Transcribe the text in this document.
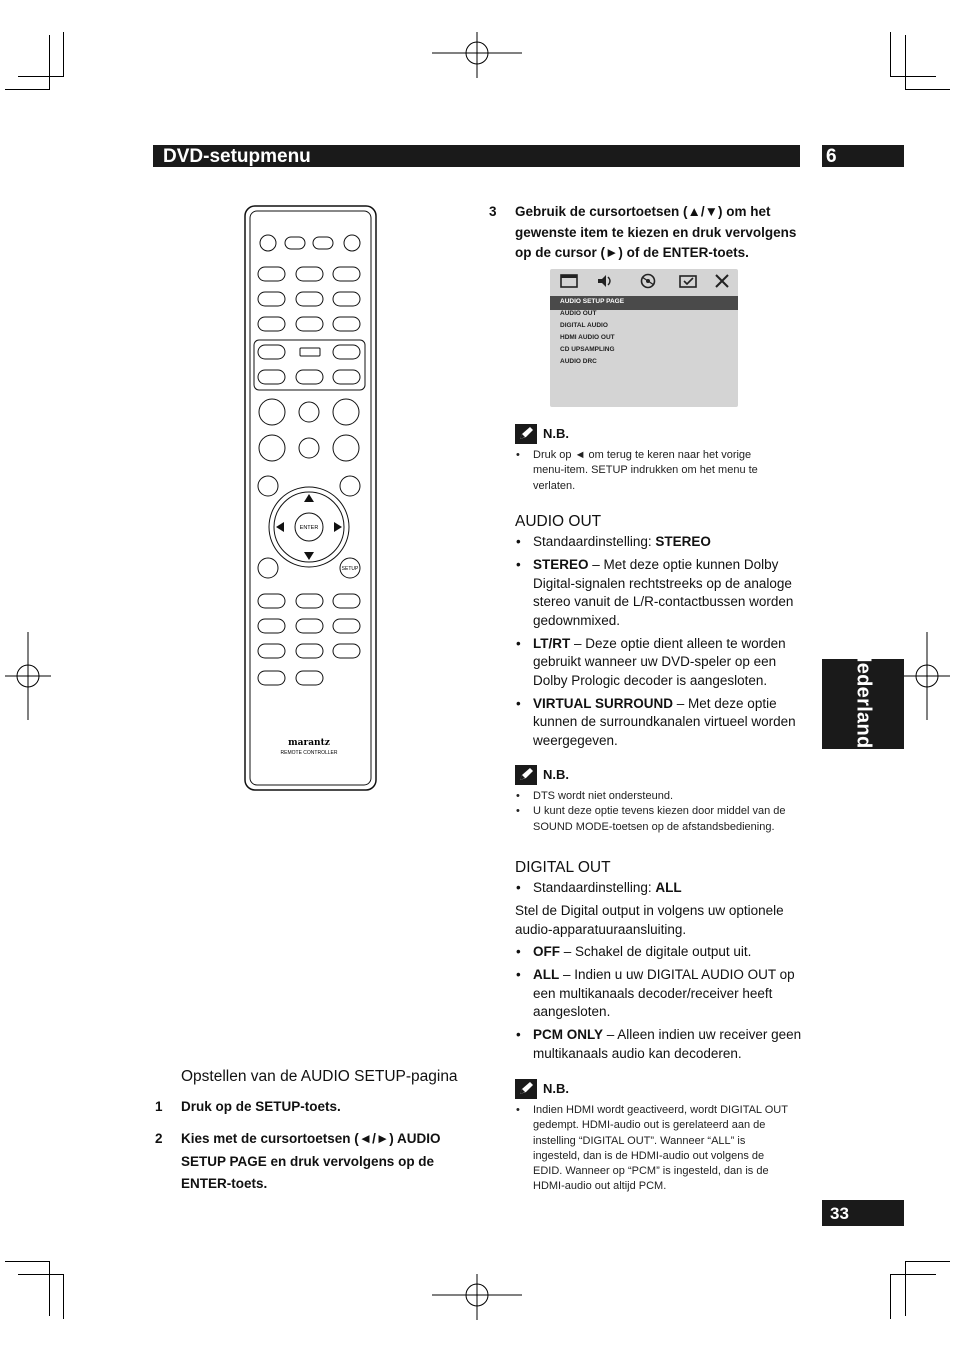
DVD-setupmenu	6
Nederlands
33
ENTER
SETUP
marantz
REMOTE CONTROLLER
Opstellen van de AUDIO SETUP-pagina
1 Druk op de SETUP-toets.
2 Kies met de cursortoetsen (◄/►) AUDIO SETUP PAGE en druk vervolgens op de ENTER-toets.
3 Gebruik de cursortoetsen (▲/▼) om het gewenste item te kiezen en druk vervolgens op de cursor (►) of de ENTER-toets.
AUDIO SETUP PAGE
AUDIO OUT
DIGITAL AUDIO
HDMI AUDIO OUT
CD UPSAMPLING
AUDIO DRC
N.B.
• Druk op ◄ om terug te keren naar het vorige menu-item. SETUP indrukken om het menu te verlaten.
AUDIO OUT
• Standaardinstelling: STEREO
• STEREO – Met deze optie kunnen Dolby Digital-signalen rechtstreeks op de analoge stereo vanuit de L/R-contactbussen worden gedownmixed.
• LT/RT – Deze optie dient alleen te worden gebruikt wanneer uw DVD-speler op een Dolby Prologic decoder is aangesloten.
• VIRTUAL SURROUND – Met deze optie kunnen de surroundkanalen virtueel worden weergegeven.
N.B.
• DTS wordt niet ondersteund.
• U kunt deze optie tevens kiezen door middel van de SOUND MODE-toetsen op de afstandsbediening.
DIGITAL OUT
• Standaardinstelling: ALL
Stel de Digital output in volgens uw optionele audio-apparatuuraansluiting.
• OFF – Schakel de digitale output uit.
• ALL – Indien u uw DIGITAL AUDIO OUT op een multikanaals decoder/receiver heeft aangesloten.
• PCM ONLY – Alleen indien uw receiver geen multikanaals audio kan decoderen.
N.B.
• Indien HDMI wordt geactiveerd, wordt DIGITAL OUT gedempt. HDMI-audio out is gerelateerd aan de instelling “DIGITAL OUT”. Wanneer “ALL” is ingesteld, dan is de HDMI-audio out volgens de EDID. Wanneer op “PCM” is ingesteld, dan is de HDMI-audio out altijd PCM.
